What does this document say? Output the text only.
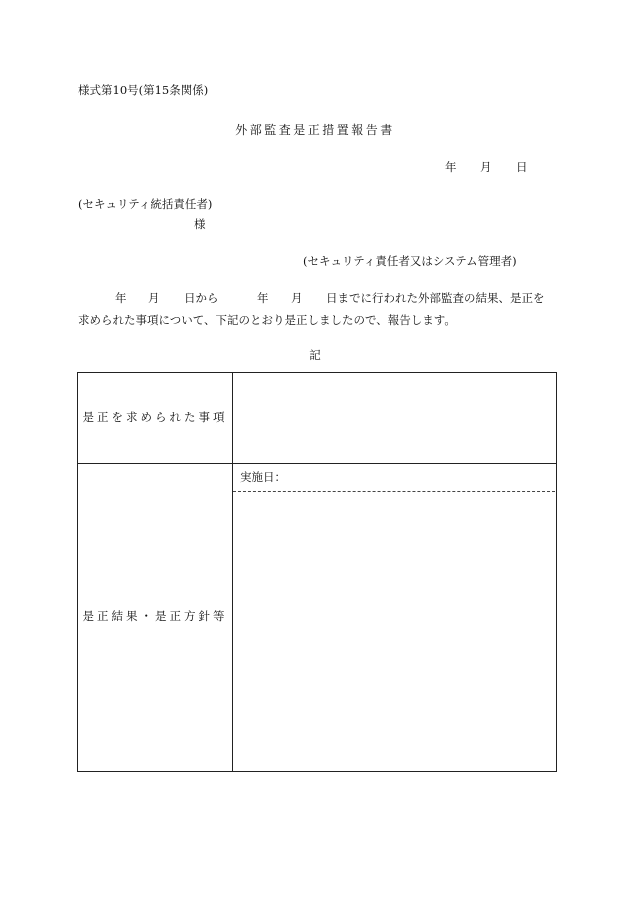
様式第10号(第15条関係)
外部監査是正措置報告書
年 月 日
(セキュリティ統括責任者)
様
(セキュリティ責任者又はシステム管理者)
年 月 日から	年 月 日までに行われた外部監査の結果、是正を
求められた事項について、下記のとおり是正しましたので、報告します。
記
是正を求められた事項
是正結果・是正方針等
実施日：
